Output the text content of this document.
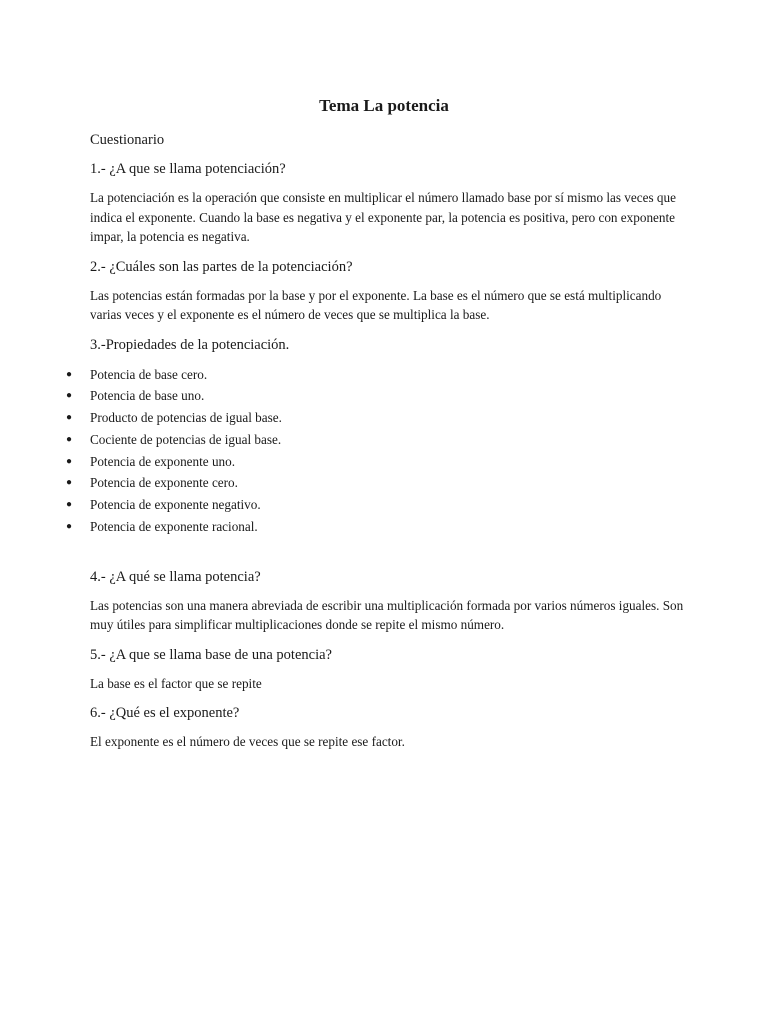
Tema La potencia
Cuestionario
1.- ¿A que se llama potenciación?
La potenciación es la operación que consiste en multiplicar el número llamado base por sí mismo las veces que indica el exponente. Cuando la base es negativa y el exponente par, la potencia es positiva, pero con exponente impar, la potencia es negativa.
2.- ¿Cuáles son las partes de la potenciación?
Las potencias están formadas por la base y por el exponente. La base es el número que se está multiplicando varias veces y el exponente es el número de veces que se multiplica la base.
3.-Propiedades de la potenciación.
● Potencia de base cero.
● Potencia de base uno.
● Producto de potencias de igual base.
● Cociente de potencias de igual base.
● Potencia de exponente uno.
● Potencia de exponente cero.
● Potencia de exponente negativo.
● Potencia de exponente racional.
4.- ¿A qué se llama potencia?
Las potencias son una manera abreviada de escribir una multiplicación formada por varios números iguales. Son muy útiles para simplificar multiplicaciones donde se repite el mismo número.
5.- ¿A que se llama base de una potencia?
La base es el factor que se repite
6.- ¿Qué es el exponente?
El exponente es el número de veces que se repite ese factor.
